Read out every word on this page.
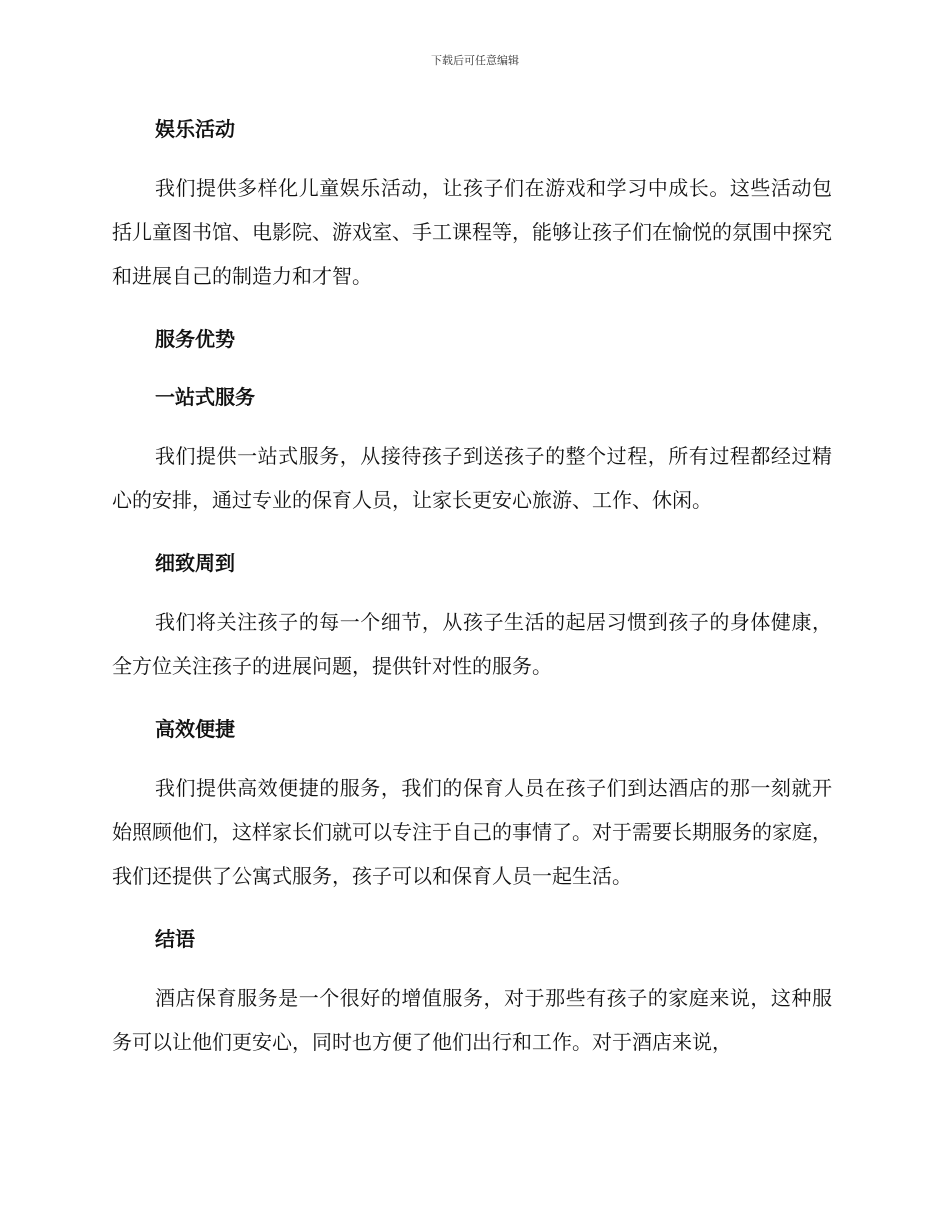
下载后可任意编辑
娱乐活动

我们提供多样化儿童娱乐活动，让孩子们在游戏和学习中成长。这些活动包括儿童图书馆、电影院、游戏室、手工课程等，能够让孩子们在愉悦的氛围中探究和进展自己的制造力和才智。

服务优势
一站式服务

我们提供一站式服务，从接待孩子到送孩子的整个过程，所有过程都经过精心的安排，通过专业的保育人员，让家长更安心旅游、工作、休闲。

细致周到

我们将关注孩子的每一个细节，从孩子生活的起居习惯到孩子的身体健康，全方位关注孩子的进展问题，提供针对性的服务。

高效便捷

我们提供高效便捷的服务，我们的保育人员在孩子们到达酒店的那一刻就开始照顾他们，这样家长们就可以专注于自己的事情了。对于需要长期服务的家庭，我们还提供了公寓式服务，孩子可以和保育人员一起生活。

结语

酒店保育服务是一个很好的增值服务，对于那些有孩子的家庭来说，这种服务可以让他们更安心，同时也方便了他们出行和工作。对于酒店来说，
